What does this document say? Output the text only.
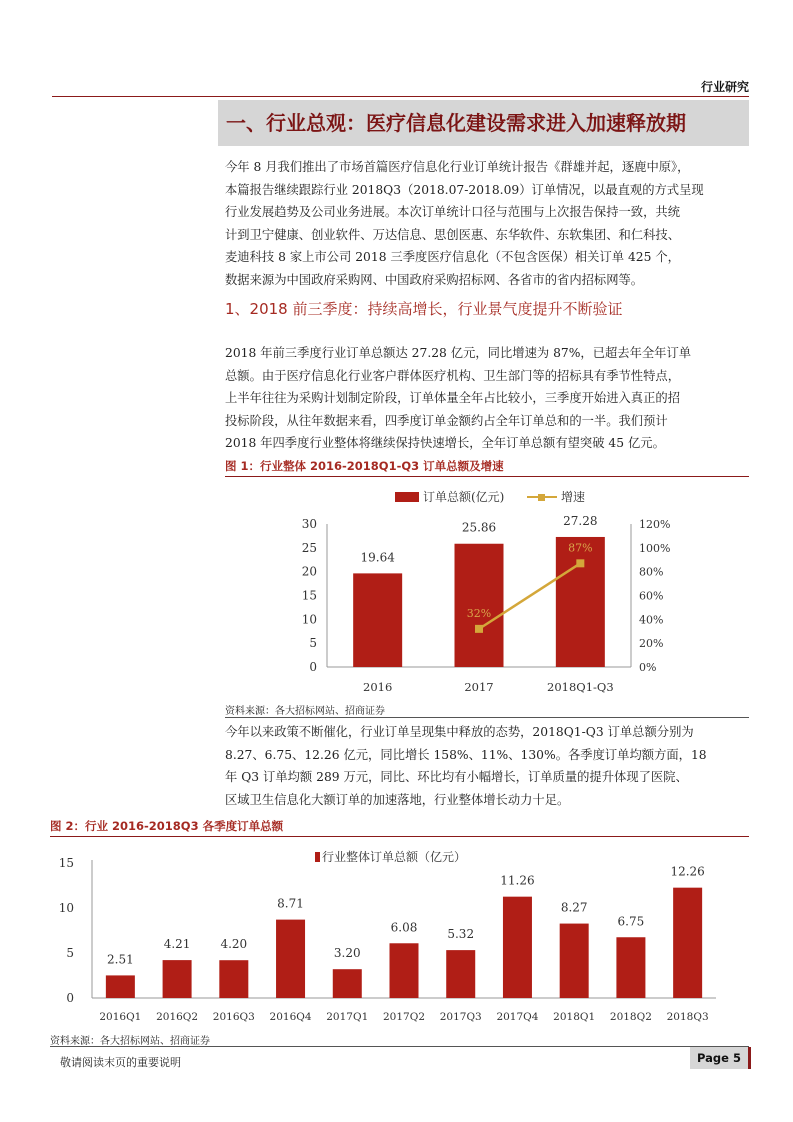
行业研究
一、行业总观：医疗信息化建设需求进入加速释放期
今年 8 月我们推出了市场首篇医疗信息化行业订单统计报告《群雄并起，逐鹿中原》，
本篇报告继续跟踪行业 2018Q3（2018.07-2018.09）订单情况，以最直观的方式呈现
行业发展趋势及公司业务进展。本次订单统计口径与范围与上次报告保持一致，共统
计到卫宁健康、创业软件、万达信息、思创医惠、东华软件、东软集团、和仁科技、
麦迪科技 8 家上市公司 2018 三季度医疗信息化（不包含医保）相关订单 425 个，
数据来源为中国政府采购网、中国政府采购招标网、各省市的省内招标网等。
1、2018 前三季度：持续高增长，行业景气度提升不断验证
2018 年前三季度行业订单总额达 27.28 亿元，同比增速为 87%，已超去年全年订单
总额。由于医疗信息化行业客户群体医疗机构、卫生部门等的招标具有季节性特点，
上半年往往为采购计划制定阶段，订单体量全年占比较小，三季度开始进入真正的招
投标阶段，从往年数据来看，四季度订单金额约占全年订单总和的一半。我们预计
2018 年四季度行业整体将继续保持快速增长，全年订单总额有望突破 45 亿元。
图 1：行业整体 2016-2018Q1-Q3 订单总额及增速
订单总额(亿元)	增速
0
5
10
15
20
25
30
0%
20%
40%
60%
80%
100%
120%
19.64
25.86	27.28
32%
87%
2016	2017	2018Q1-Q3
资料来源：各大招标网站、招商证券
今年以来政策不断催化，行业订单呈现集中释放的态势，2018Q1-Q3 订单总额分别为
8.27、6.75、12.26 亿元，同比增长 158%、11%、130%。各季度订单均额方面，18
年 Q3 订单均额 289 万元，同比、环比均有小幅增长，订单质量的提升体现了医院、
区域卫生信息化大额订单的加速落地，行业整体增长动力十足。
图 2：行业 2016-2018Q3 各季度订单总额
行业整体订单总额（亿元）
0
5
10
15
2.51
4.21	4.20
8.71
3.20
6.08	5.32
11.26
8.27
6.75
12.26
2016Q1 2016Q2 2016Q3 2016Q4 2017Q1 2017Q2 2017Q3 2017Q4 2018Q1 2018Q2 2018Q3
资料来源：各大招标网站、招商证券
敬请阅读末页的重要说明	Page 5
